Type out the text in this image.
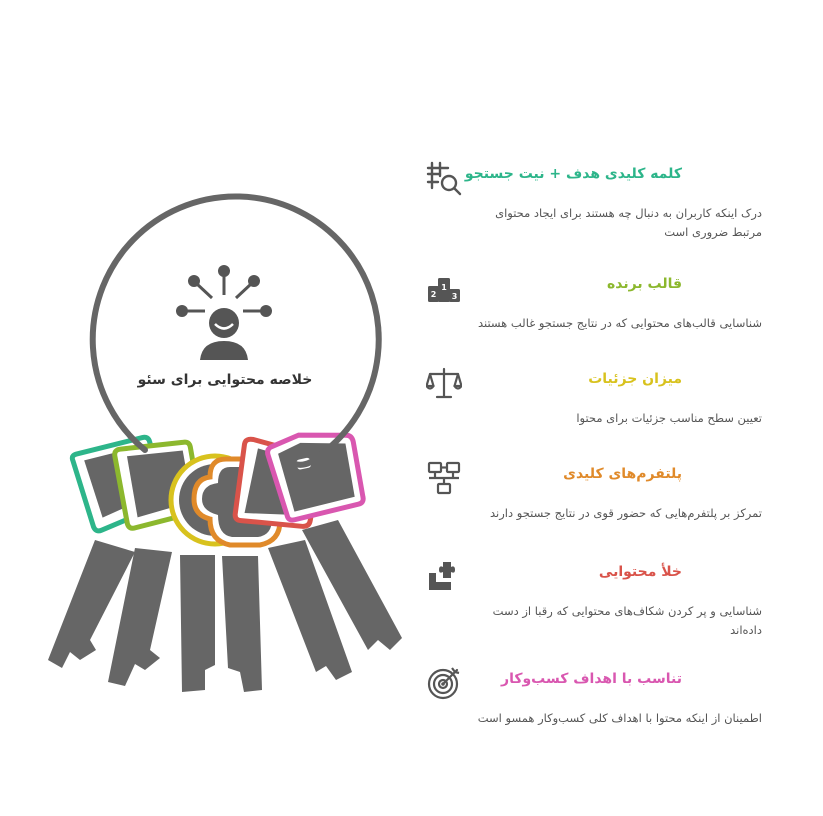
خلاصه محتوایی برای سئو
کلمه کلیدی هدف + نیت جستجو
درک اینکه کاربران به دنبال چه هستند برای ایجاد محتوای مرتبط ضروری است
1
2 3
قالب برنده
شناسایی قالب‌های محتوایی که در نتایج جستجو غالب هستند
میزان جزئیات
تعیین سطح مناسب جزئیات برای محتوا
پلتفرم‌های کلیدی
تمرکز بر پلتفرم‌هایی که حضور قوی در نتایج جستجو دارند
خلأ محتوایی
شناسایی و پر کردن شکاف‌های محتوایی که رقبا از دست داده‌اند
تناسب با اهداف کسب‌وکار
اطمینان از اینکه محتوا با اهداف کلی کسب‌وکار همسو است
